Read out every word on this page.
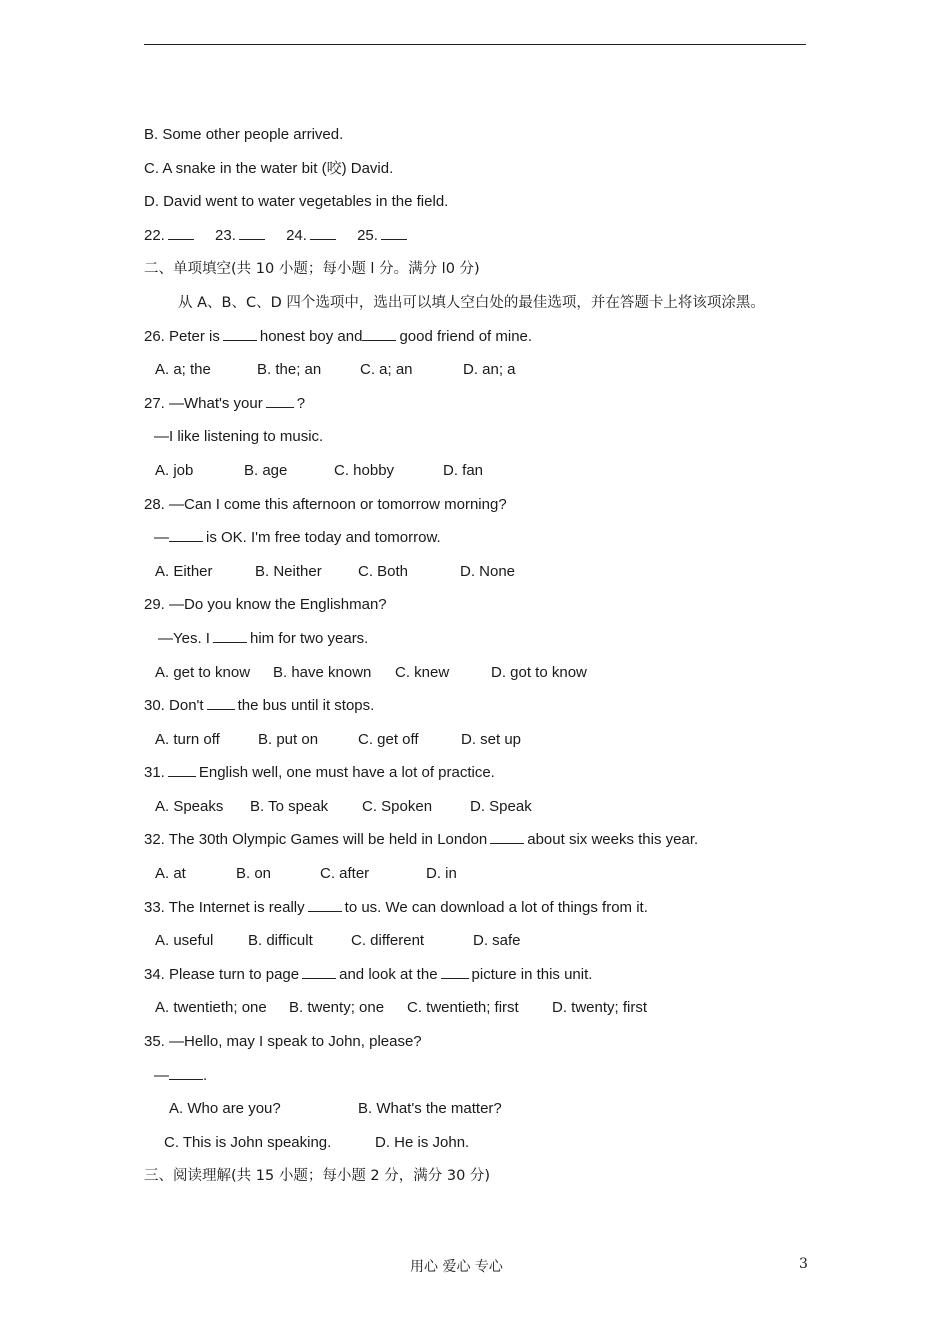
B. Some other people arrived.
C. A snake in the water bit (咬) David.
D. David went to water vegetables in the field.
22.	23.	24.	25.
二、单项填空(共 10 小题；每小题 l 分。满分 l0 分)
从 A、B、C、D 四个选项中，选出可以填人空白处的最佳选项，并在答题卡上将该项涂黑。
26. Peter is	honest boy and good friend of mine.
A. a; the	B. the; an	C. a; an	D. an; a
27. —What's your ?
—I like listening to music.
A. job	B. age	C. hobby	D. fan
28. —Can I come this afternoon or tomorrow morning?
— is OK. I'm free today and tomorrow.
A. Either	B. Neither C. Both	D. None
29. —Do you know the Englishman?
—Yes. I	him for two years.
A. get to know B. have known C. knew	D. got to know
30. Don't the bus until it stops.
A. turn off	B. put on	C. get off	D. set up
31. English well, one must have a lot of practice.
A. Speaks B. To speak C. Spoken	D. Speak
32. The 30th Olympic Games will be held in London	about six weeks this year.
A. at	B. on	C. after	D. in
33. The Internet is really	to us. We can download a lot of things from it.
A. useful B. difficult	C. different	D. safe
34. Please turn to page	and look at the picture in this unit.
A. twentieth; one B. twenty; one C. twentieth; first D. twenty; first
35. —Hello, may I speak to John, please?
— .
A. Who are you?	B. What's the matter?
C. This is John speaking.	D. He is John.
三、阅读理解(共 15 小题；每小题 2 分，满分 30 分)
用心 爱心 专心	3
